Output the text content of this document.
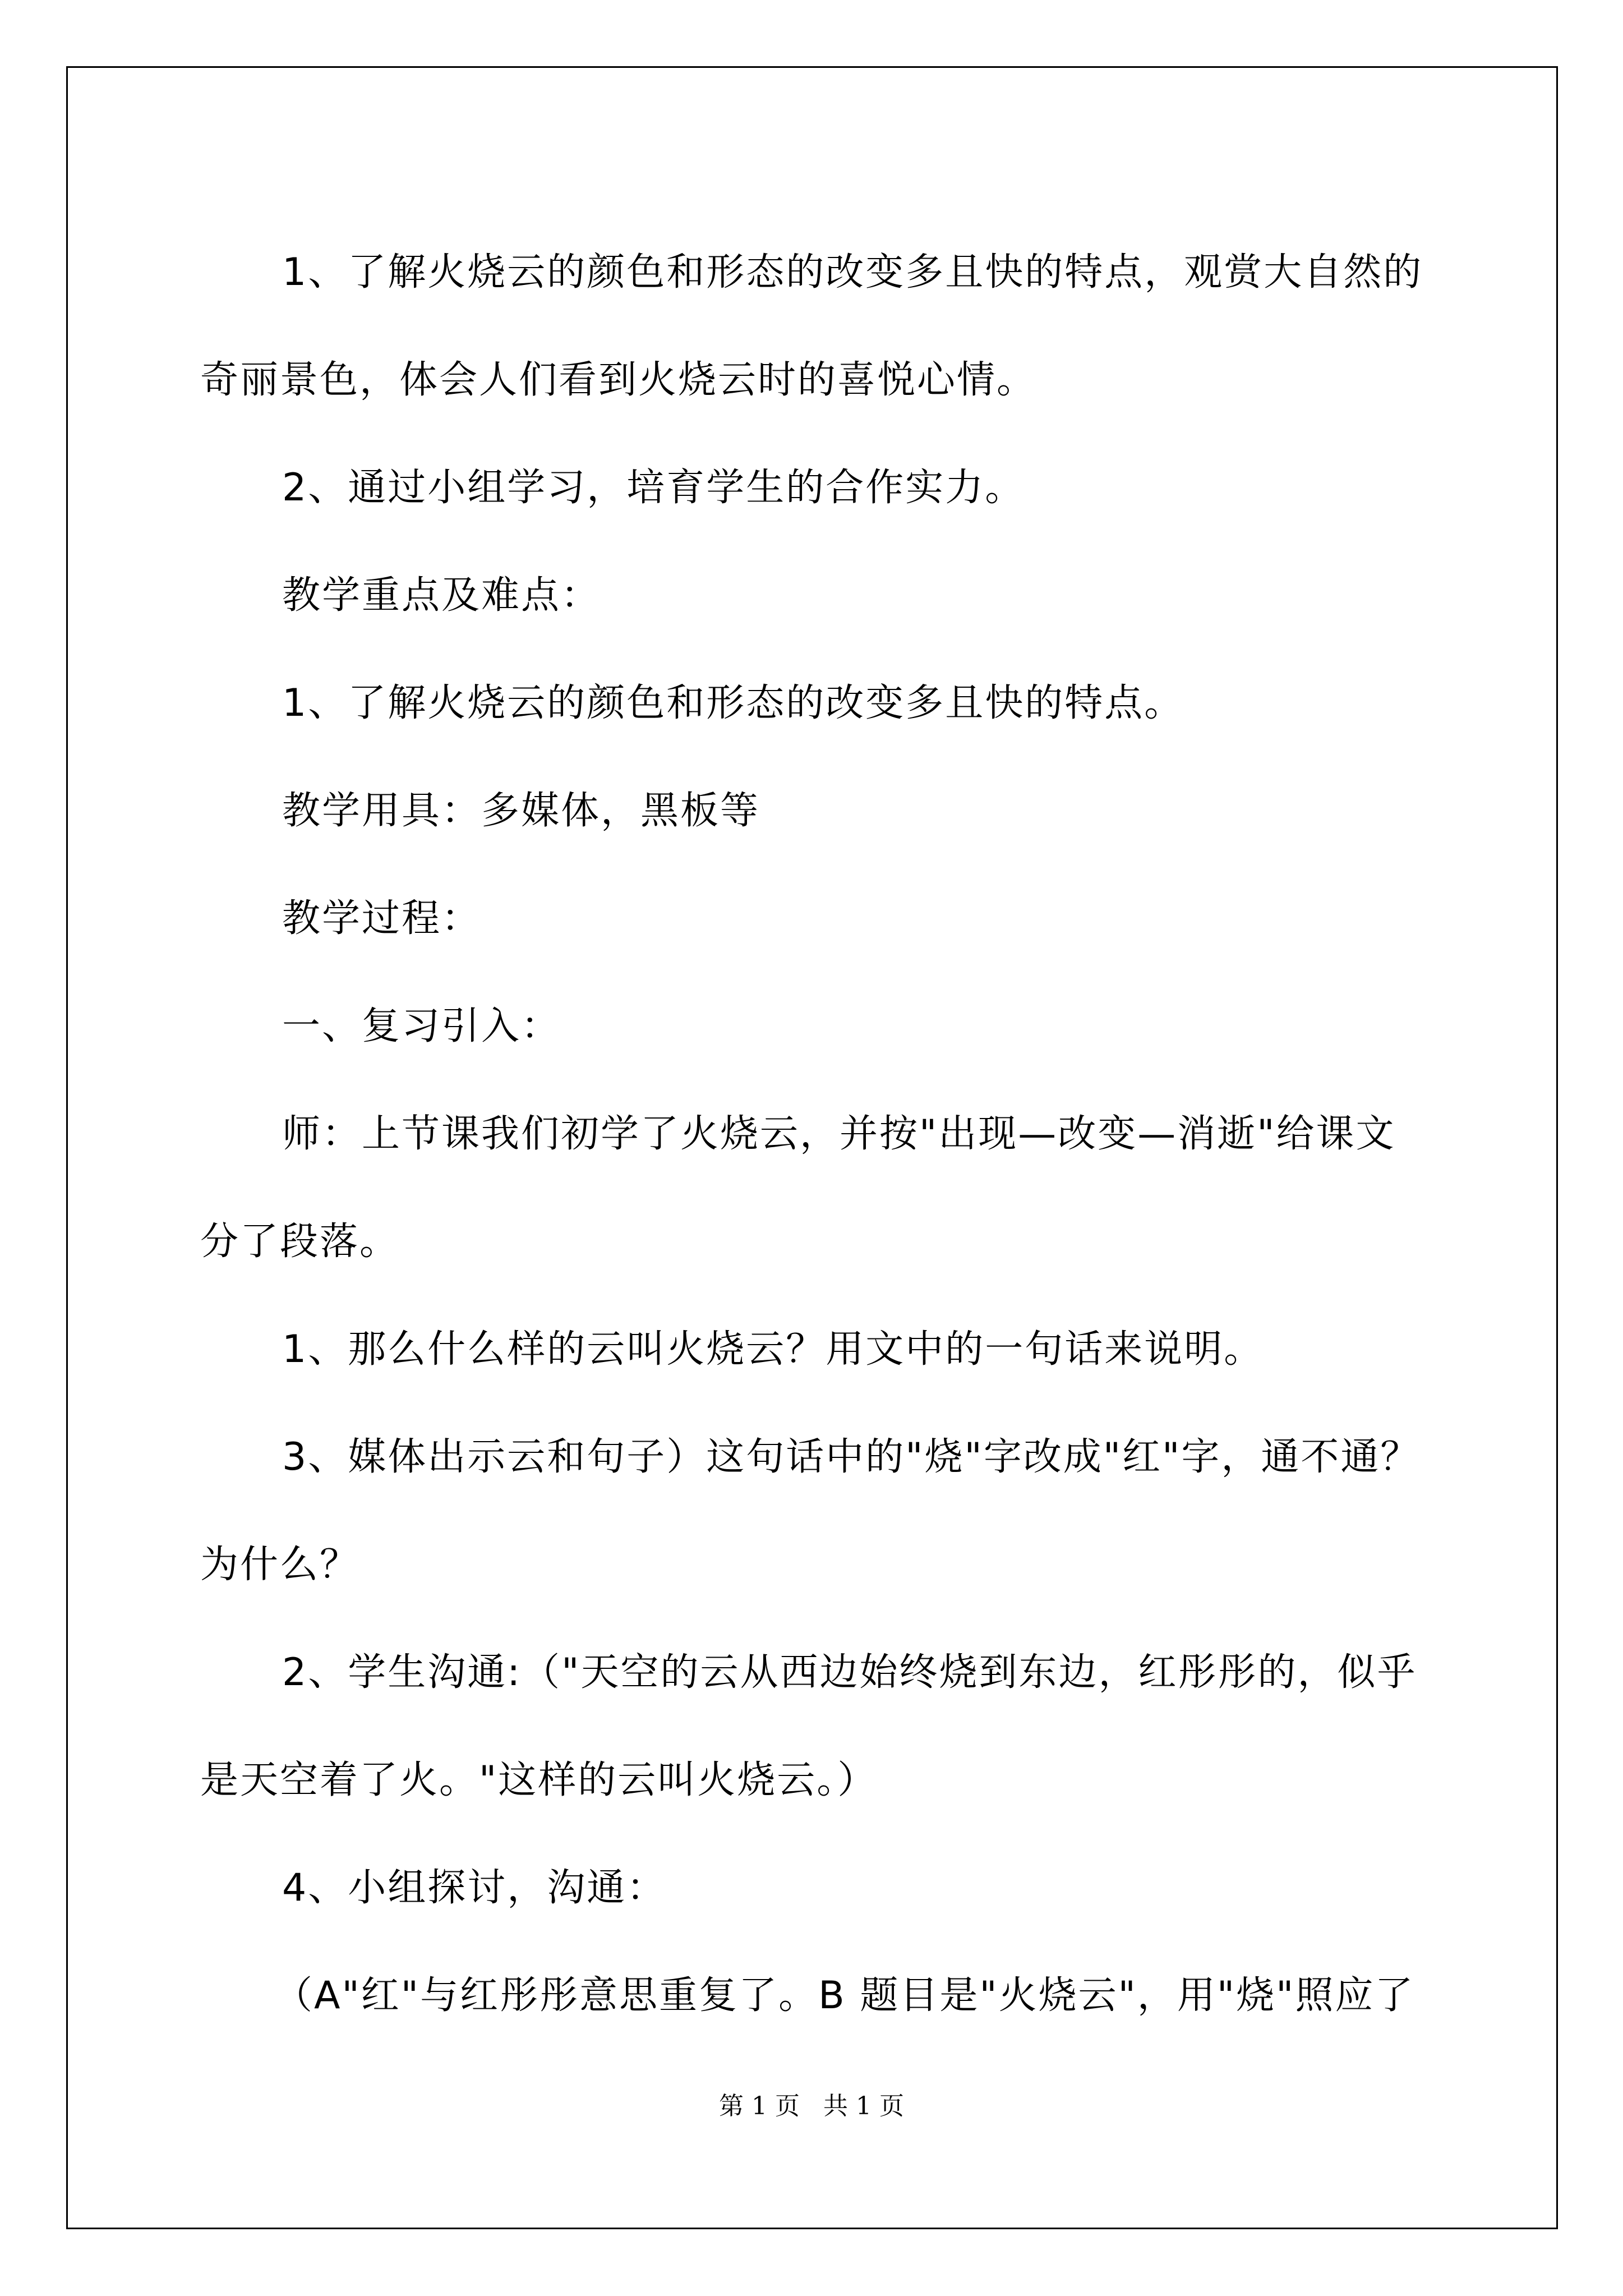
1、了解火烧云的颜色和形态的改变多且快的特点，观赏大自然的

奇丽景色，体会人们看到火烧云时的喜悦心情。

2、通过小组学习，培育学生的合作实力。

教学重点及难点：

1、了解火烧云的颜色和形态的改变多且快的特点。

教学用具：多媒体，黑板等

教学过程：

一、复习引入：

师：上节课我们初学了火烧云，并按"出现—改变—消逝"给课文

分了段落。

1、那么什么样的云叫火烧云？用文中的一句话来说明。

3、媒体出示云和句子）这句话中的"烧"字改成"红"字，通不通？

为什么？

2、学生沟通:（"天空的云从西边始终烧到东边，红彤彤的，似乎

是天空着了火。"这样的云叫火烧云。）

4、小组探讨，沟通：

（A"红"与红彤彤意思重复了。B 题目是"火烧云"，用"烧"照应了

第 1 页   共 1 页
